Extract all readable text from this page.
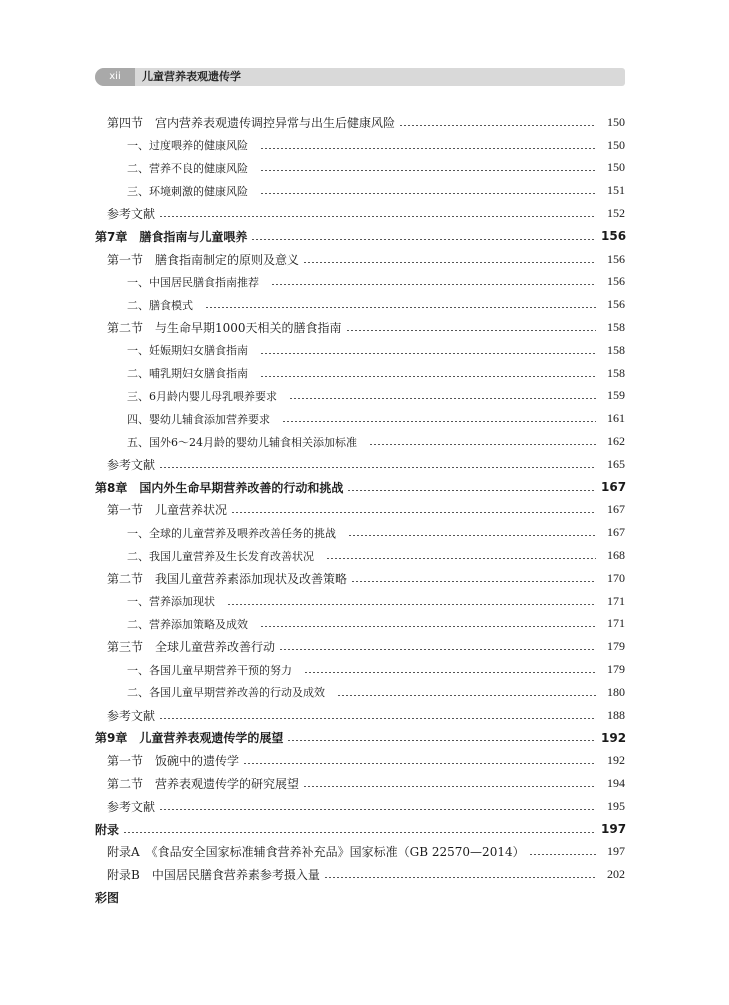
xii	儿童营养表观遗传学
第四节　宫内营养表观遗传调控异常与出生后健康风险	150
一、过度喂养的健康风险	150
二、营养不良的健康风险	150
三、环境刺激的健康风险	151
参考文献	152
第7章　膳食指南与儿童喂养	156
第一节　膳食指南制定的原则及意义	156
一、中国居民膳食指南推荐	156
二、膳食模式	156
第二节　与生命早期1000天相关的膳食指南	158
一、妊娠期妇女膳食指南	158
二、哺乳期妇女膳食指南	158
三、6月龄内婴儿母乳喂养要求	159
四、婴幼儿辅食添加营养要求	161
五、国外6～24月龄的婴幼儿辅食相关添加标准	162
参考文献	165
第8章　国内外生命早期营养改善的行动和挑战	167
第一节　儿童营养状况	167
一、全球的儿童营养及喂养改善任务的挑战	167
二、我国儿童营养及生长发育改善状况	168
第二节　我国儿童营养素添加现状及改善策略	170
一、营养添加现状	171
二、营养添加策略及成效	171
第三节　全球儿童营养改善行动	179
一、各国儿童早期营养干预的努力	179
二、各国儿童早期营养改善的行动及成效	180
参考文献	188
第9章　儿童营养表观遗传学的展望	192
第一节　饭碗中的遗传学	192
第二节　营养表观遗传学的研究展望	194
参考文献	195
附录	197
附录A　《食品安全国家标准辅食营养补充品》国家标准（GB 22570—2014）	197
附录B　中国居民膳食营养素参考摄入量	202
彩图
